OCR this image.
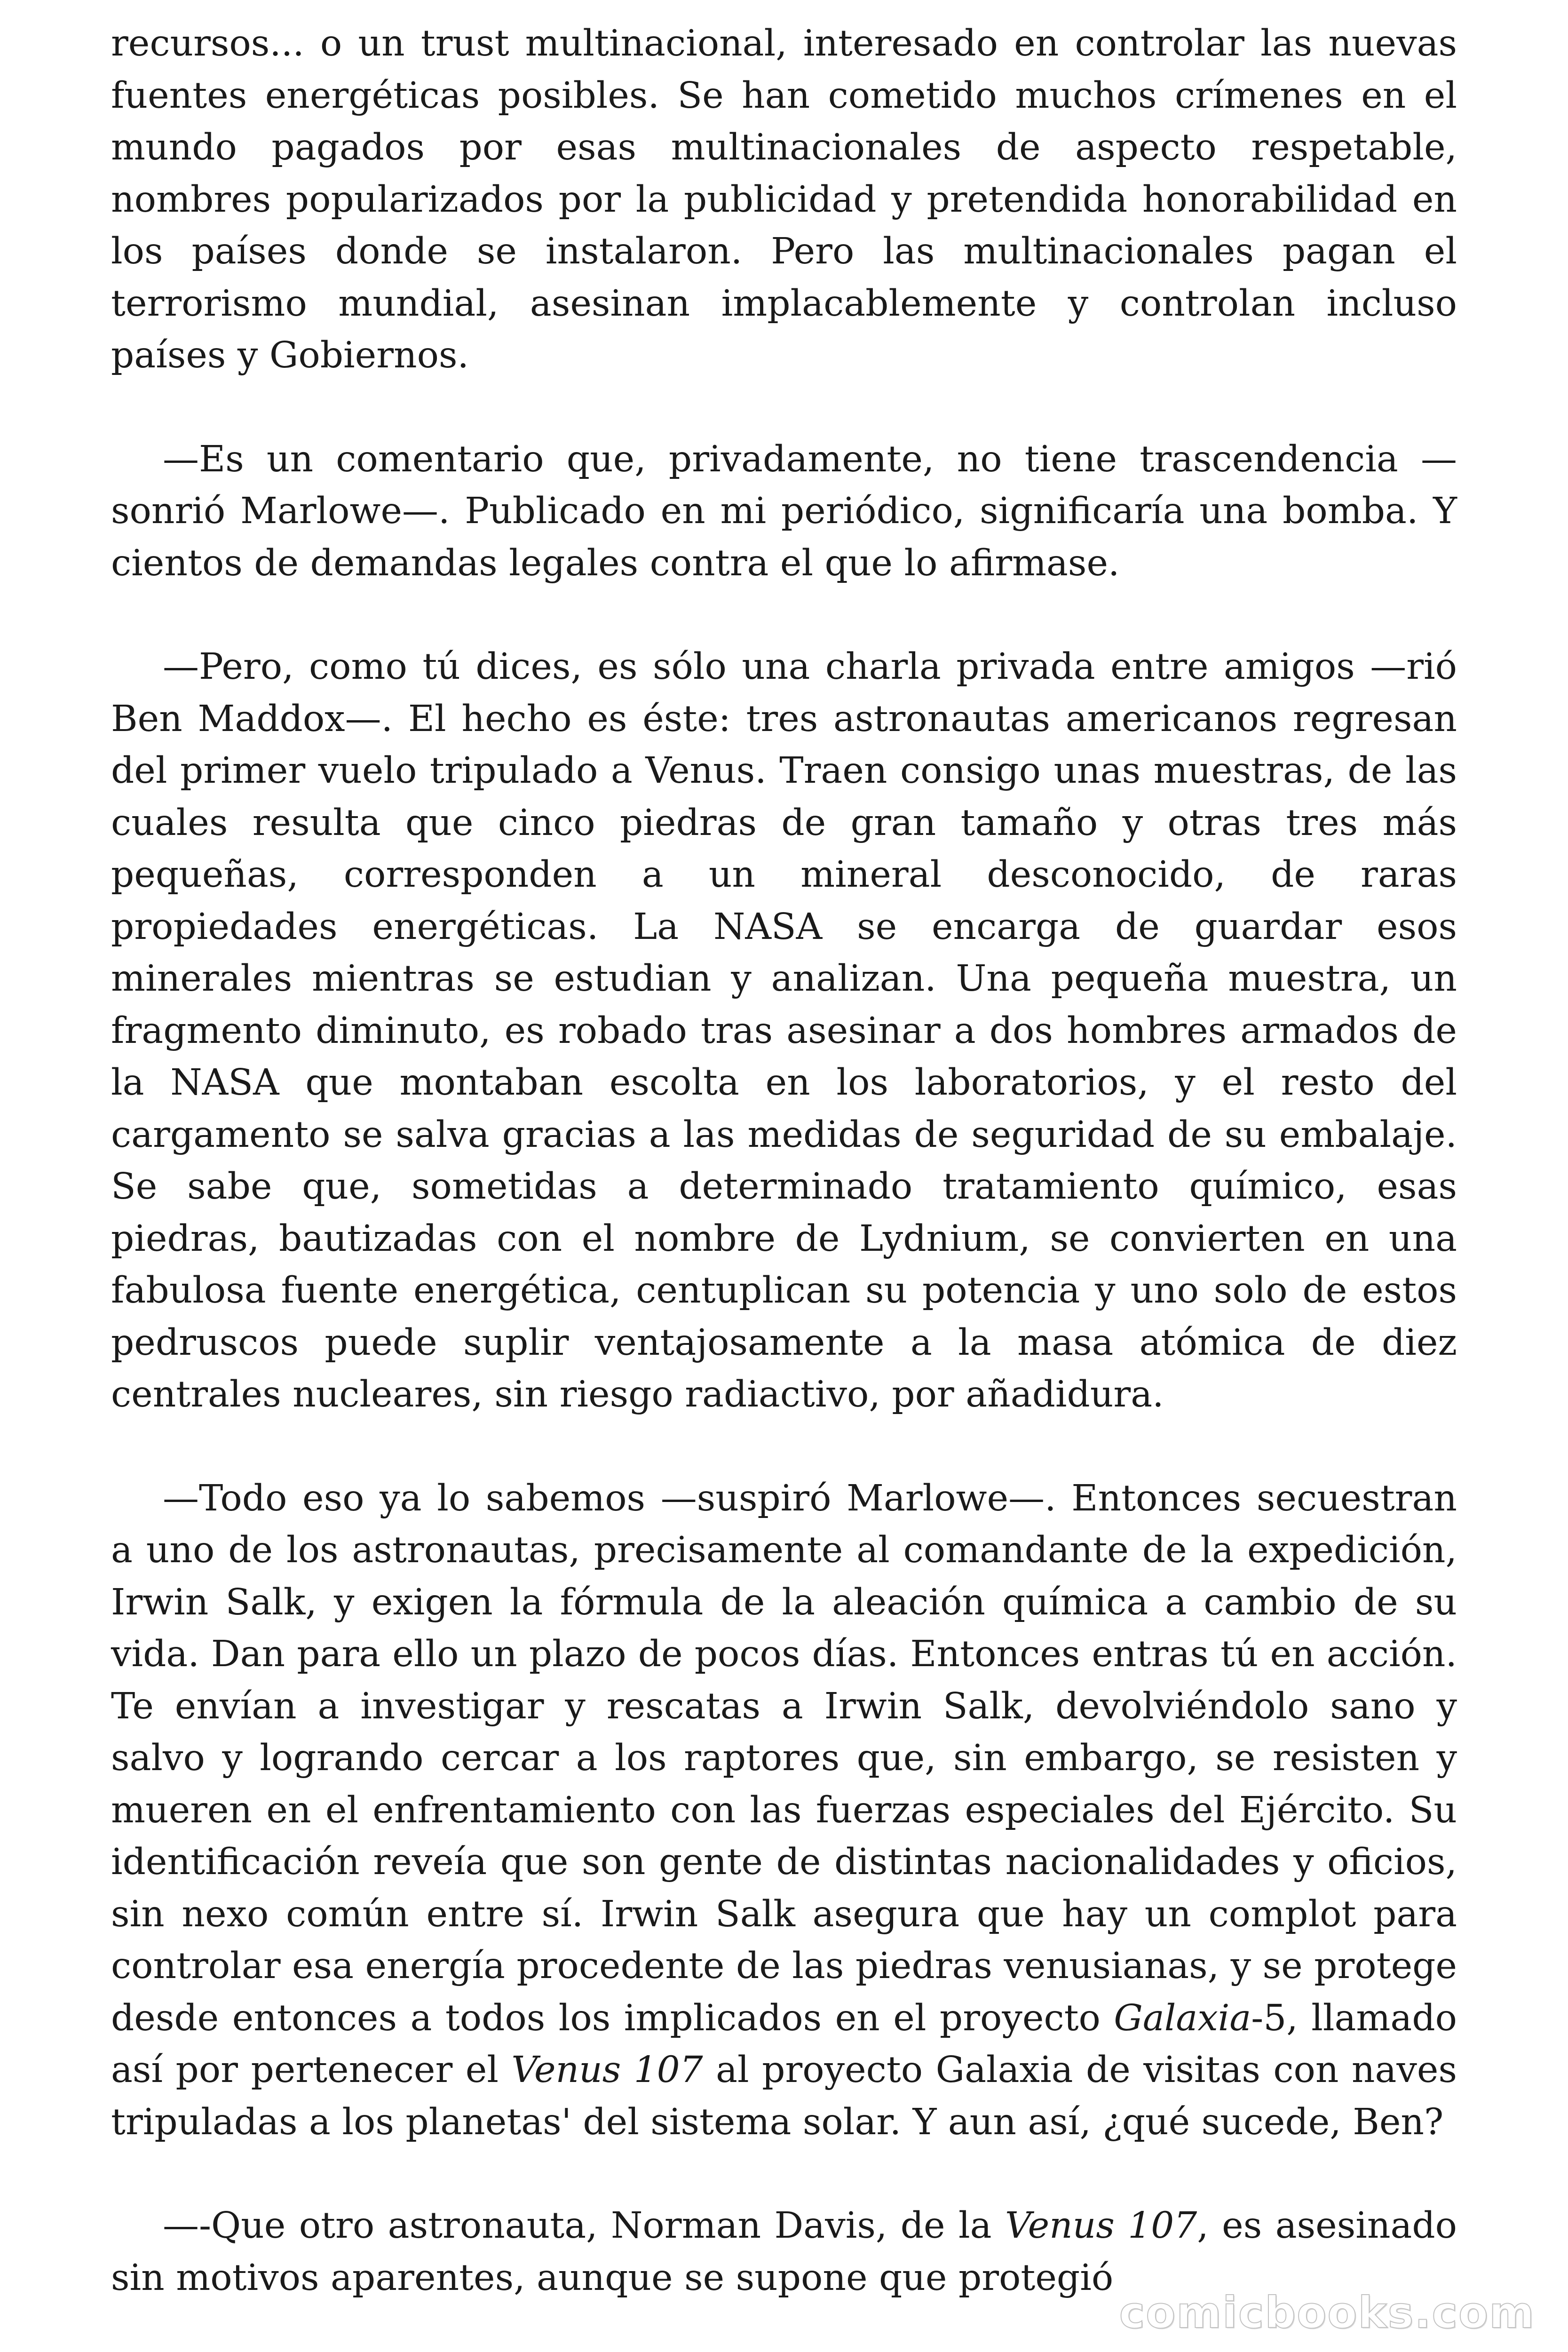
recursos... o un trust multinacional, interesado en controlar las nuevas fuentes energéticas posibles. Se han cometido muchos crímenes en el mundo pagados por esas multinacionales de aspecto respetable, nombres popularizados por la publicidad y pretendida honorabilidad en los países donde se instalaron. Pero las multinacionales pagan el terrorismo mundial, asesinan implacablemente y controlan incluso países y Gobiernos.

—Es un comentario que, privadamente, no tiene trascendencia —sonrió Marlowe—. Publicado en mi periódico, significaría una bomba. Y cientos de demandas legales contra el que lo afirmase.

—Pero, como tú dices, es sólo una charla privada entre amigos —rió Ben Maddox—. El hecho es éste: tres astronautas americanos regresan del primer vuelo tripulado a Venus. Traen consigo unas muestras, de las cuales resulta que cinco piedras de gran tamaño y otras tres más pequeñas, corresponden a un mineral desconocido, de raras propiedades energéticas. La NASA se encarga de guardar esos minerales mientras se estudian y analizan. Una pequeña muestra, un fragmento diminuto, es robado tras asesinar a dos hombres armados de la NASA que montaban escolta en los laboratorios, y el resto del cargamento se salva gracias a las medidas de seguridad de su embalaje. Se sabe que, sometidas a determinado tratamiento químico, esas piedras, bautizadas con el nombre de Lydnium, se convierten en una fabulosa fuente energética, centuplican su potencia y uno solo de estos pedruscos puede suplir ventajosamente a la masa atómica de diez centrales nucleares, sin riesgo radiactivo, por añadidura.

—Todo eso ya lo sabemos —suspiró Marlowe—. Entonces secuestran a uno de los astronautas, precisamente al comandante de la expedición, Irwin Salk, y exigen la fórmula de la aleación química a cambio de su vida. Dan para ello un plazo de pocos días. Entonces entras tú en acción. Te envían a investigar y rescatas a Irwin Salk, devolviéndolo sano y salvo y logrando cercar a los raptores que, sin embargo, se resisten y mueren en el enfrentamiento con las fuerzas especiales del Ejército. Su identificación reveía que son gente de distintas nacionalidades y oficios, sin nexo común entre sí. Irwin Salk asegura que hay un complot para controlar esa energía procedente de las piedras venusianas, y se protege desde entonces a todos los implicados en el proyecto Galaxia-5, llamado así por pertenecer el Venus 107 al proyecto Galaxia de visitas con naves tripuladas a los planetas' del sistema solar. Y aun así, ¿qué sucede, Ben?

—-Que otro astronauta, Norman Davis, de la Venus 107, es asesinado sin motivos aparentes, aunque se supone que protegió

comicbooks.com
